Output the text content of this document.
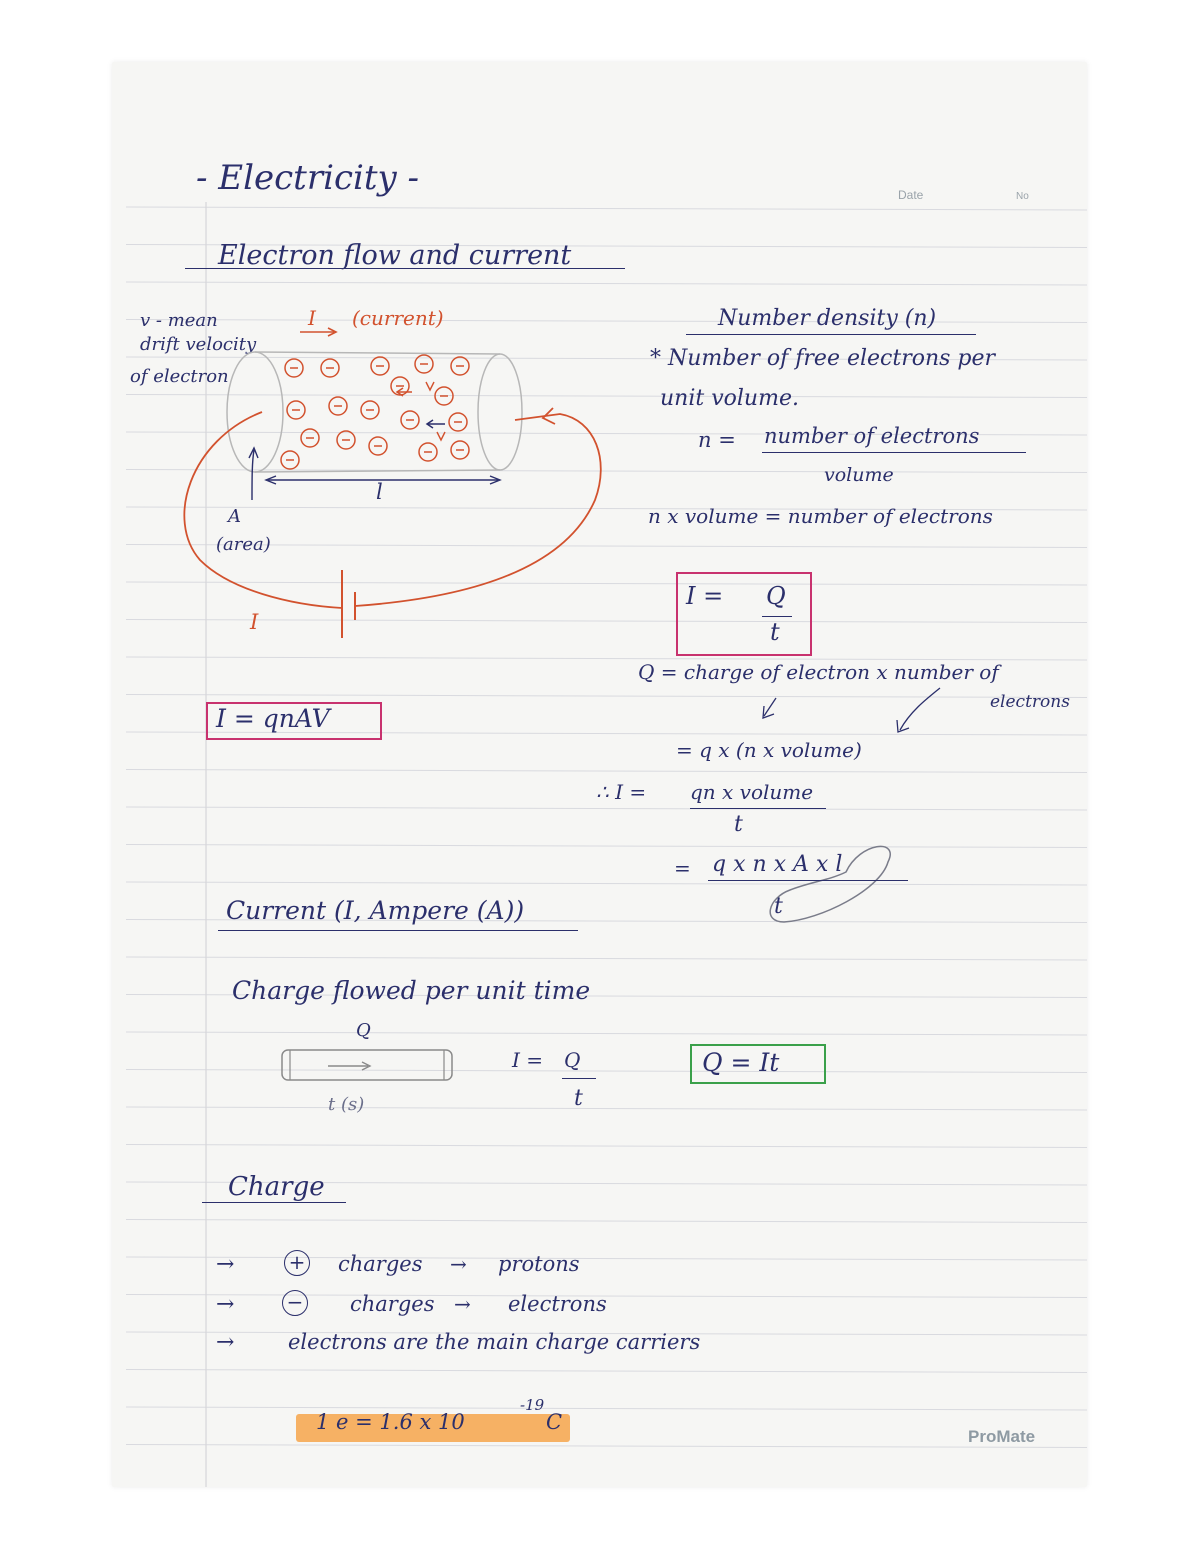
Date	No
ProMate
- Electricity -
Electron flow and current
v - mean
drift velocity
of electron
I (current)
l
A
(area)
I
I = qnAV
Number density (n)
* Number of free electrons per
unit volume.
n = number of electrons
volume
n x volume = number of electrons
I = Q
t
Q = charge of electron x number of
electrons
= q x (n x volume)
∴ I = qn x volume
t
= q x n x A x l
t
Current (I, Ampere (A))
Charge flowed per unit time
Q
t (s)
I = Q
t
Q = It
Charge
→	+ charges → protons
→	− charges → electrons
→	electrons are the main charge carriers
1 e = 1.6 x 10
-19
C
